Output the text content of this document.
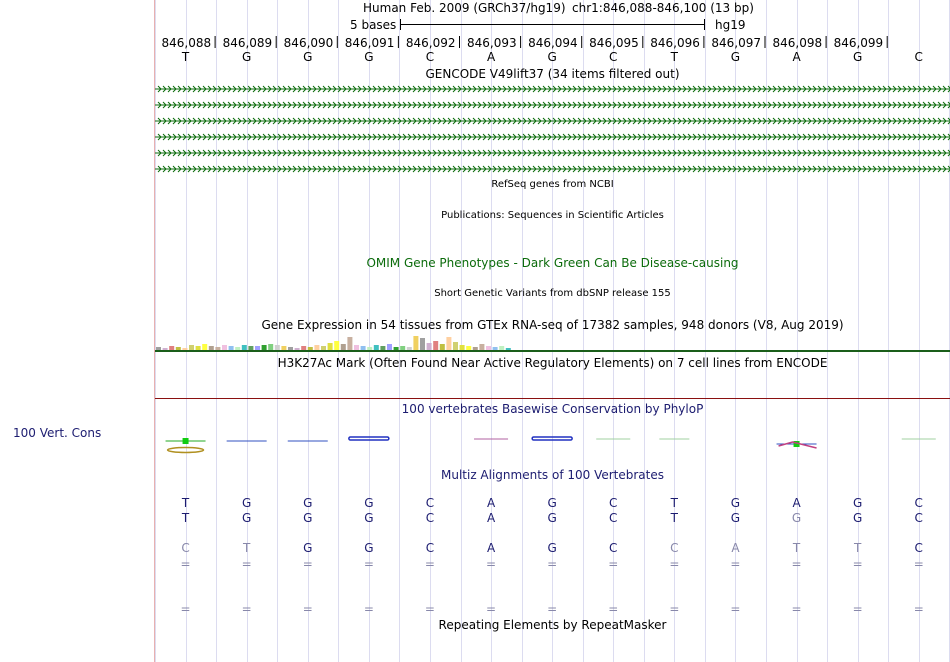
100 Vert. Cons
Human Feb. 2009 (GRCh37/hg19) chr1:846,088-846,100 (13 bp)
5 bases	hg19
846,088 846,089 846,090 846,091 846,092 846,093 846,094 846,095 846,096 846,097 846,098 846,099
T	G	G	G	C	A	G	C	T	G	A	G	C
GENCODE V49lift37 (34 items filtered out)
RefSeq genes from NCBI
Publications: Sequences in Scientific Articles
OMIM Gene Phenotypes - Dark Green Can Be Disease-causing
Short Genetic Variants from dbSNP release 155
Gene Expression in 54 tissues from GTEx RNA-seq of 17382 samples, 948 donors (V8, Aug 2019)
H3K27Ac Mark (Often Found Near Active Regulatory Elements) on 7 cell lines from ENCODE
100 vertebrates Basewise Conservation by PhyloP
Multiz Alignments of 100 Vertebrates
T	G	G	G	C	A	G	C	T	G	A	G	C
T	G	G	G	C	A	G	C	T	G	G	G	C
C	T	G	G	C	A	G	C	C	A	T	T	C
=	=	=	=	=	=	=	=	=	=	=	=	=
=	=	=	=	=	=	=	=	=	=	=	=	=
Repeating Elements by RepeatMasker
